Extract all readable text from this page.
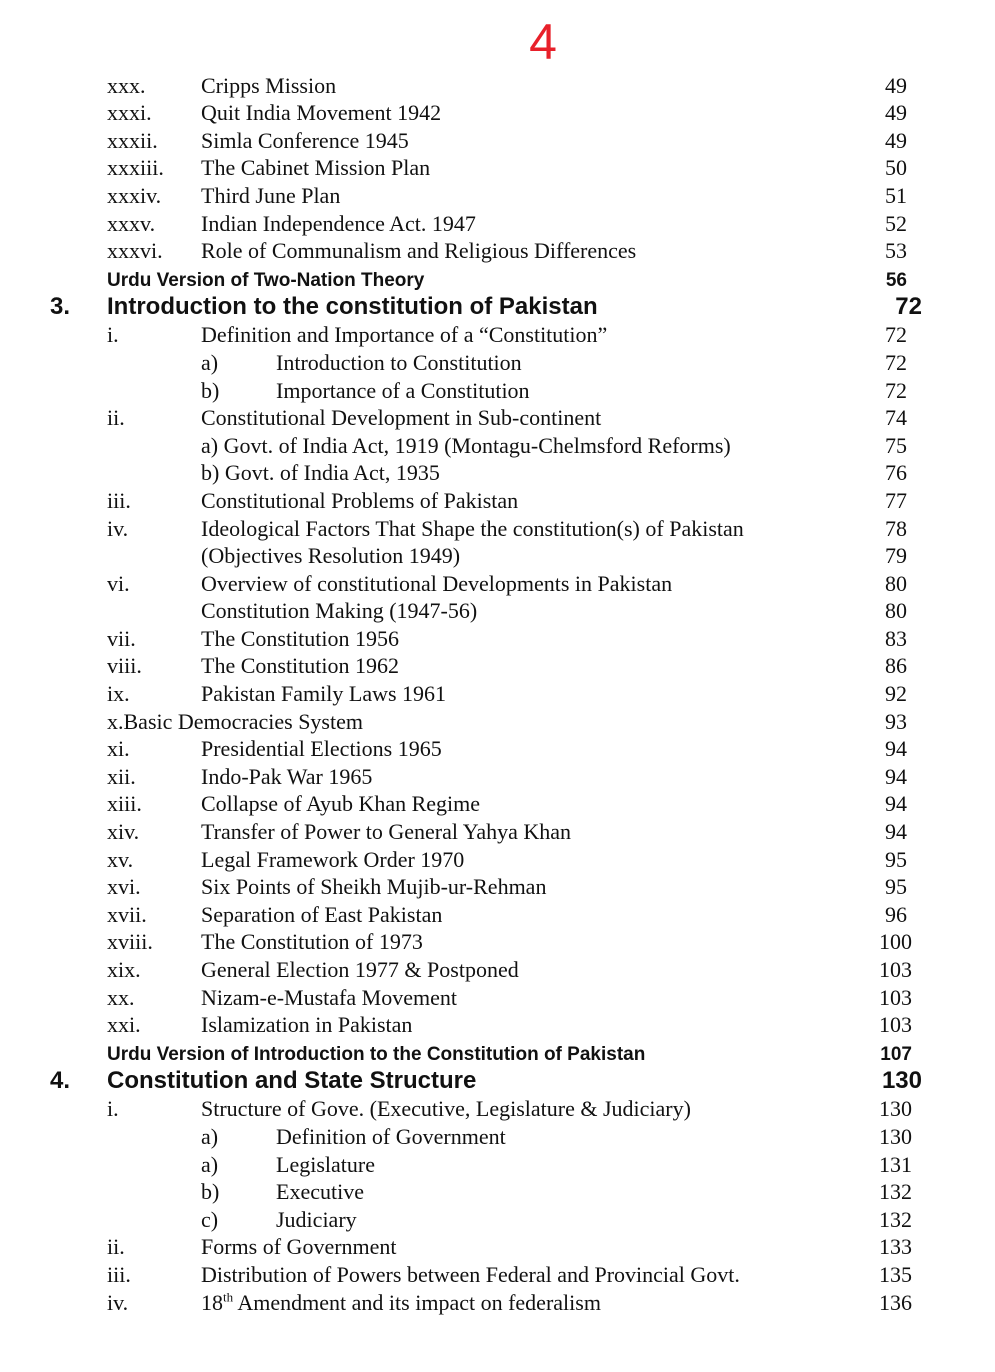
4
xxx.	Cripps Mission	49
xxxi. Quit India Movement 1942	49
xxxii. Simla Conference 1945	49
xxxiii. The Cabinet Mission Plan	50
xxxiv. Third June Plan	51
xxxv. Indian Independence Act. 1947	52
xxxvi. Role of Communalism and Religious Differences	53
Urdu Version of Two-Nation Theory	56
3. Introduction to the constitution of Pakistan	72
i.	Definition and Importance of a “Constitution”	72
a)	Introduction to Constitution	72
b)	Importance of a Constitution	72
ii.	Constitutional Development in Sub-continent	74
a) Govt. of India Act, 1919 (Montagu-Chelmsford Reforms)	75
b) Govt. of India Act, 1935	76
iii.	Constitutional Problems of Pakistan	77
iv.	Ideological Factors That Shape the constitution(s) of Pakistan	78
(Objectives Resolution 1949)	79
vi.	Overview of constitutional Developments in Pakistan	80
Constitution Making (1947-56)	80
vii.	The Constitution 1956	83
viii.	The Constitution 1962	86
ix.	Pakistan Family Laws 1961	92
x.Basic Democracies System	93
xi.	Presidential Elections 1965	94
xii.	Indo-Pak War 1965	94
xiii.	Collapse of Ayub Khan Regime	94
xiv.	Transfer of Power to General Yahya Khan	94
xv.	Legal Framework Order 1970	95
xvi.	Six Points of Sheikh Mujib-ur-Rehman	95
xvii. Separation of East Pakistan	96
xviii. The Constitution of 1973	100
xix.	General Election 1977 & Postponed	103
xx.	Nizam-e-Mustafa Movement	103
xxi.	Islamization in Pakistan	103
Urdu Version of Introduction to the Constitution of Pakistan	107
4. Constitution and State Structure	130
i.	Structure of Gove. (Executive, Legislature & Judiciary)	130
a)	Definition of Government	130
a)	Legislature	131
b)	Executive	132
c)	Judiciary	132
ii.	Forms of Government	133
iii.	Distribution of Powers between Federal and Provincial Govt.	135
iv.	18th Amendment and its impact on federalism	136
